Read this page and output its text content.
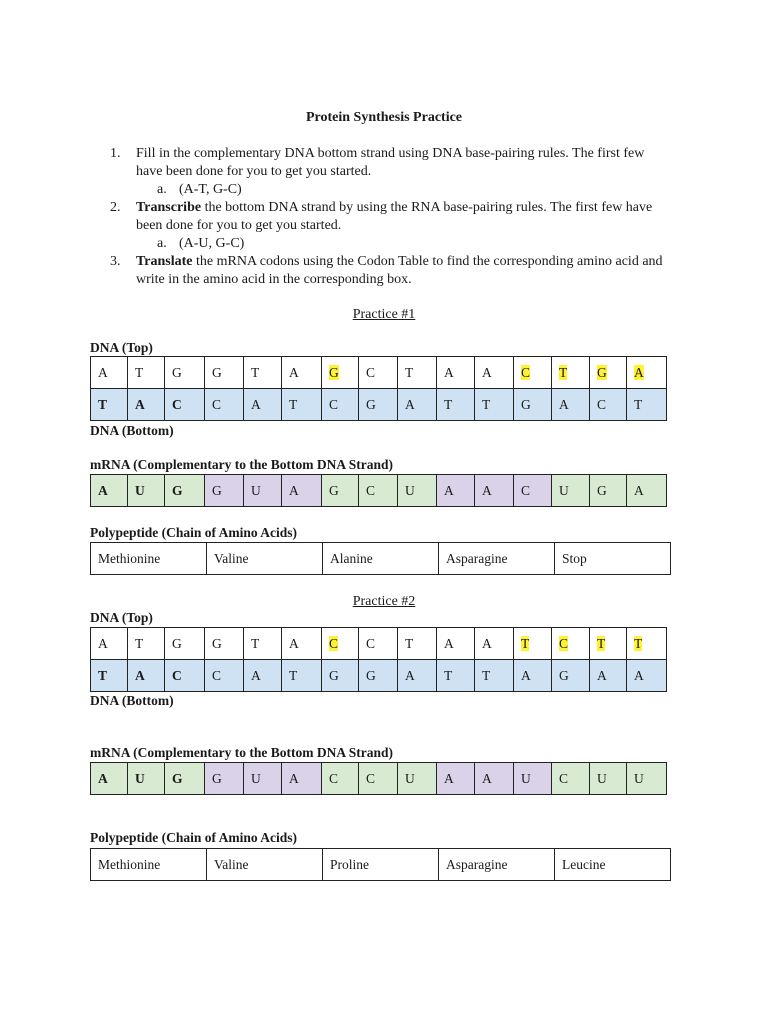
Protein Synthesis Practice
1.	Fill in the complementary DNA bottom strand using DNA base-pairing rules. The first few have been done for you to get you started.
a. (A-T, G-C)
2.	Transcribe the bottom DNA strand by using the RNA base-pairing rules. The first few have been done for you to get you started.
a. (A-U, G-C)
3.	Translate the mRNA codons using the Codon Table to find the corresponding amino acid and write in the amino acid in the corresponding box.
Practice #1
DNA (Top)
A	T	G	G	T	A	G	C	T	A	A	C	T	G	A
T	A	C	C	A	T	C	G	A	T	T	G	A	C	T
DNA (Bottom)
mRNA (Complementary to the Bottom DNA Strand)
A	U	G	G	U	A	G	C	U	A	A	C	U	G	A
Polypeptide (Chain of Amino Acids)
Methionine	Valine	Alanine	Asparagine	Stop
Practice #2
DNA (Top)
A	T	G	G	T	A	C	C	T	A	A	T	C	T	T
T	A	C	C	A	T	G	G	A	T	T	A	G	A	A
DNA (Bottom)
mRNA (Complementary to the Bottom DNA Strand)
A	U	G	G	U	A	C	C	U	A	A	U	C	U	U
Polypeptide (Chain of Amino Acids)
Methionine	Valine	Proline	Asparagine	Leucine
